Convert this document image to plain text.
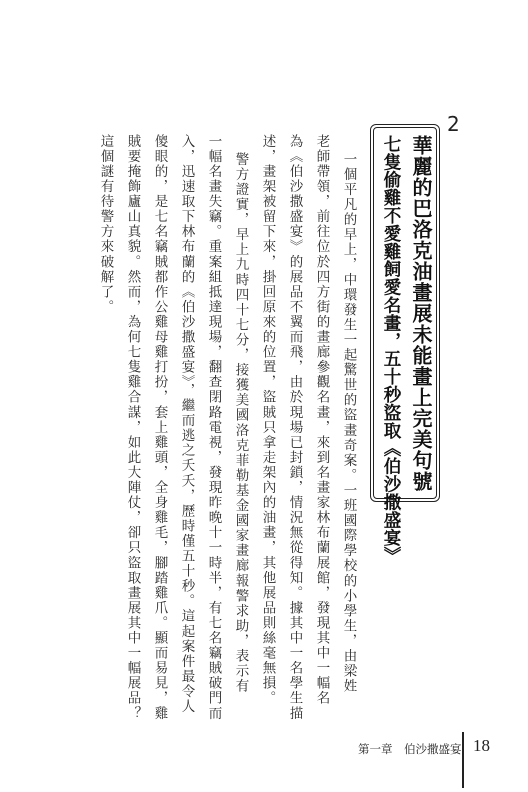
2
華麗的巴洛克油畫展未能畫上完美句號
七隻偷雞不愛雞飼愛名畫，五十秒盜取《伯沙撒盛宴》
一個平凡的早上，中環發生一起驚世的盜畫奇案。一班國際學校的小學生，由梁姓
老師帶領，前往位於四方街的畫廊參觀名畫，來到名畫家林布蘭展館，發現其中一幅名
為《伯沙撒盛宴》的展品不翼而飛，由於現場已封鎖，情況無從得知。據其中一名學生描
述，畫架被留下來，掛回原來的位置，盜賊只拿走架內的油畫，其他展品則絲毫無損。
警方證實，早上九時四十七分，接獲美國洛克菲勒基金國家畫廊報警求助，表示有
一幅名畫失竊。重案組抵達現場，翻查閉路電視，發現昨晚十一時半，有七名竊賊破門而
入，迅速取下林布蘭的《伯沙撒盛宴》，繼而逃之夭夭，歷時僅五十秒。這起案件最令人
傻眼的，是七名竊賊都作公雞母雞打扮，套上雞頭，全身雞毛，腳踏雞爪。顯而易見，雞
賊要掩飾廬山真貌。然而，為何七隻雞合謀，如此大陣仗，卻只盜取畫展其中一幅展品？
這個謎有待警方來破解了。
第一章　伯沙撒盛宴 18
